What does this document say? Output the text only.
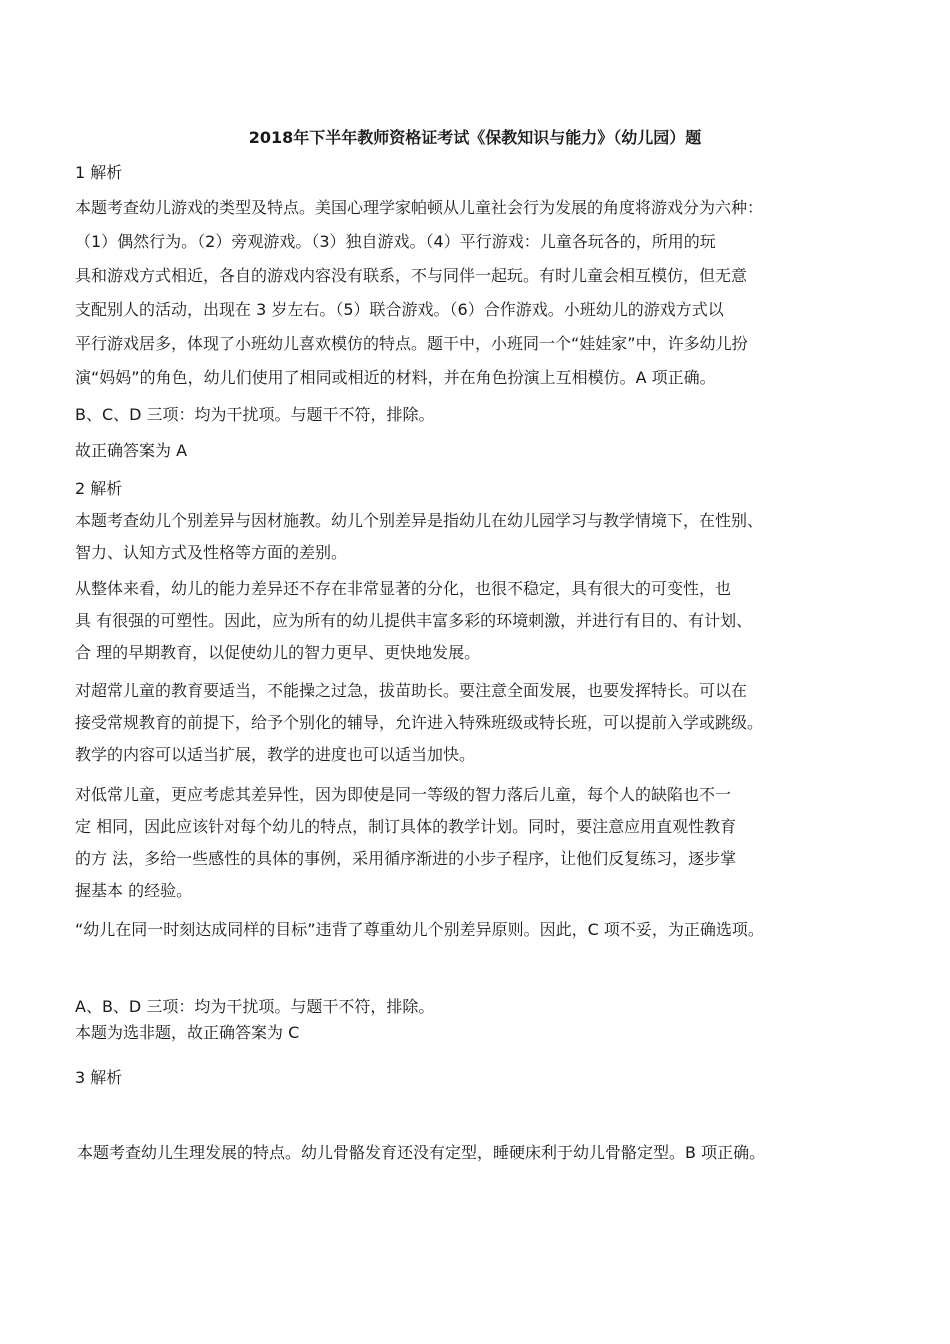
2018年下半年教师资格证考试《保教知识与能力》（幼儿园）题
1 解析
本题考查幼儿游戏的类型及特点。美国心理学家帕顿从儿童社会行为发展的角度将游戏分为六种：
（1）偶然行为。（2）旁观游戏。（3）独自游戏。（4）平行游戏：儿童各玩各的，所用的玩
具和游戏方式相近，各自的游戏内容没有联系，不与同伴一起玩。有时儿童会相互模仿，但无意
支配别人的活动，出现在 3 岁左右。（5）联合游戏。（6）合作游戏。小班幼儿的游戏方式以
平行游戏居多，体现了小班幼儿喜欢模仿的特点。题干中，小班同一个“娃娃家”中，许多幼儿扮
演“妈妈”的角色，幼儿们使用了相同或相近的材料，并在角色扮演上互相模仿。A 项正确。
B、C、D 三项：均为干扰项。与题干不符，排除。
故正确答案为 A
2 解析
本题考查幼儿个别差异与因材施教。幼儿个别差异是指幼儿在幼儿园学习与教学情境下，在性别、
智力、认知方式及性格等方面的差别。
从整体来看，幼儿的能力差异还不存在非常显著的分化，也很不稳定，具有很大的可变性，也
具 有很强的可塑性。因此，应为所有的幼儿提供丰富多彩的环境刺激，并进行有目的、有计划、
合 理的早期教育，以促使幼儿的智力更早、更快地发展。
对超常儿童的教育要适当，不能操之过急，拔苗助长。要注意全面发展，也要发挥特长。可以在
接受常规教育的前提下，给予个别化的辅导，允许进入特殊班级或特长班，可以提前入学或跳级。
教学的内容可以适当扩展，教学的进度也可以适当加快。
对低常儿童，更应考虑其差异性，因为即使是同一等级的智力落后儿童，每个人的缺陷也不一
定 相同，因此应该针对每个幼儿的特点，制订具体的教学计划。同时，要注意应用直观性教育
的方 法，多给一些感性的具体的事例，采用循序渐进的小步子程序，让他们反复练习，逐步掌
握基本 的经验。
“幼儿在同一时刻达成同样的目标”违背了尊重幼儿个别差异原则。因此，C 项不妥，为正确选项。
A、B、D 三项：均为干扰项。与题干不符，排除。
本题为选非题，故正确答案为 C
3 解析
本题考查幼儿生理发展的特点。幼儿骨骼发育还没有定型，睡硬床利于幼儿骨骼定型。B 项正确。
